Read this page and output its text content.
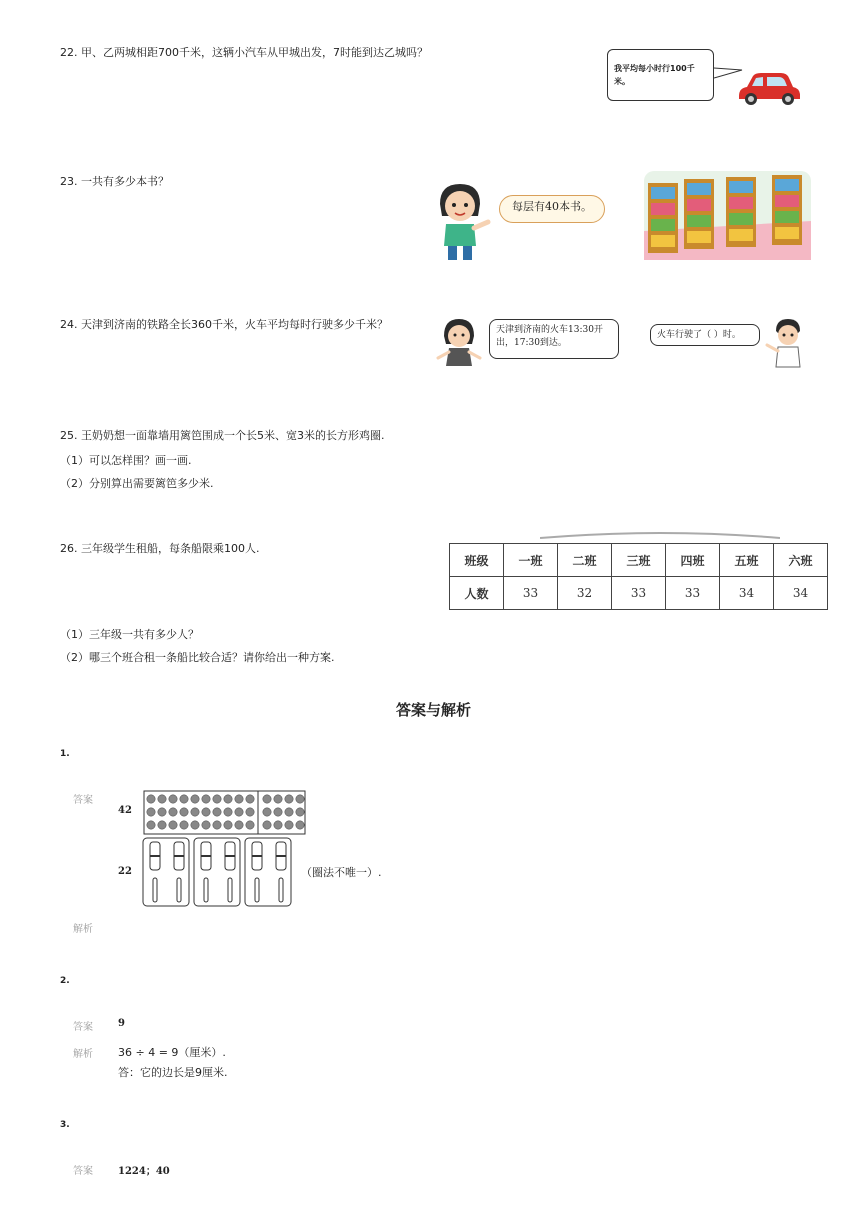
22. 甲、乙两城相距700千米，这辆小汽车从甲城出发，7时能到达乙城吗？
我平均每小时行100千米。
23. 一共有多少本书？
每层有40本书。
24. 天津到济南的铁路全长360千米，火车平均每时行驶多少千米？	天津到济南的火车13:30开出，17:30到达。
火车行驶了（ ）时。
25. 王奶奶想一面靠墙用篱笆围成一个长5米、宽3米的长方形鸡圈.
（1）可以怎样围？画一画.
（2）分别算出需要篱笆多少米.
26. 三年级学生租船，每条船限乘100人.
班级	一班	二班	三班	四班	五班	六班
人数	33	32	33	33	34	34
（1）三年级一共有多少人？
（2）哪三个班合租一条船比较合适？请你给出一种方案.
答案与解析
1.
答案
42
22	（圈法不唯一）.
解析
2.
答案	9
解析 36 ÷ 4 = 9（厘米）.
答：它的边长是9厘米.
3.
答案	1224；40
